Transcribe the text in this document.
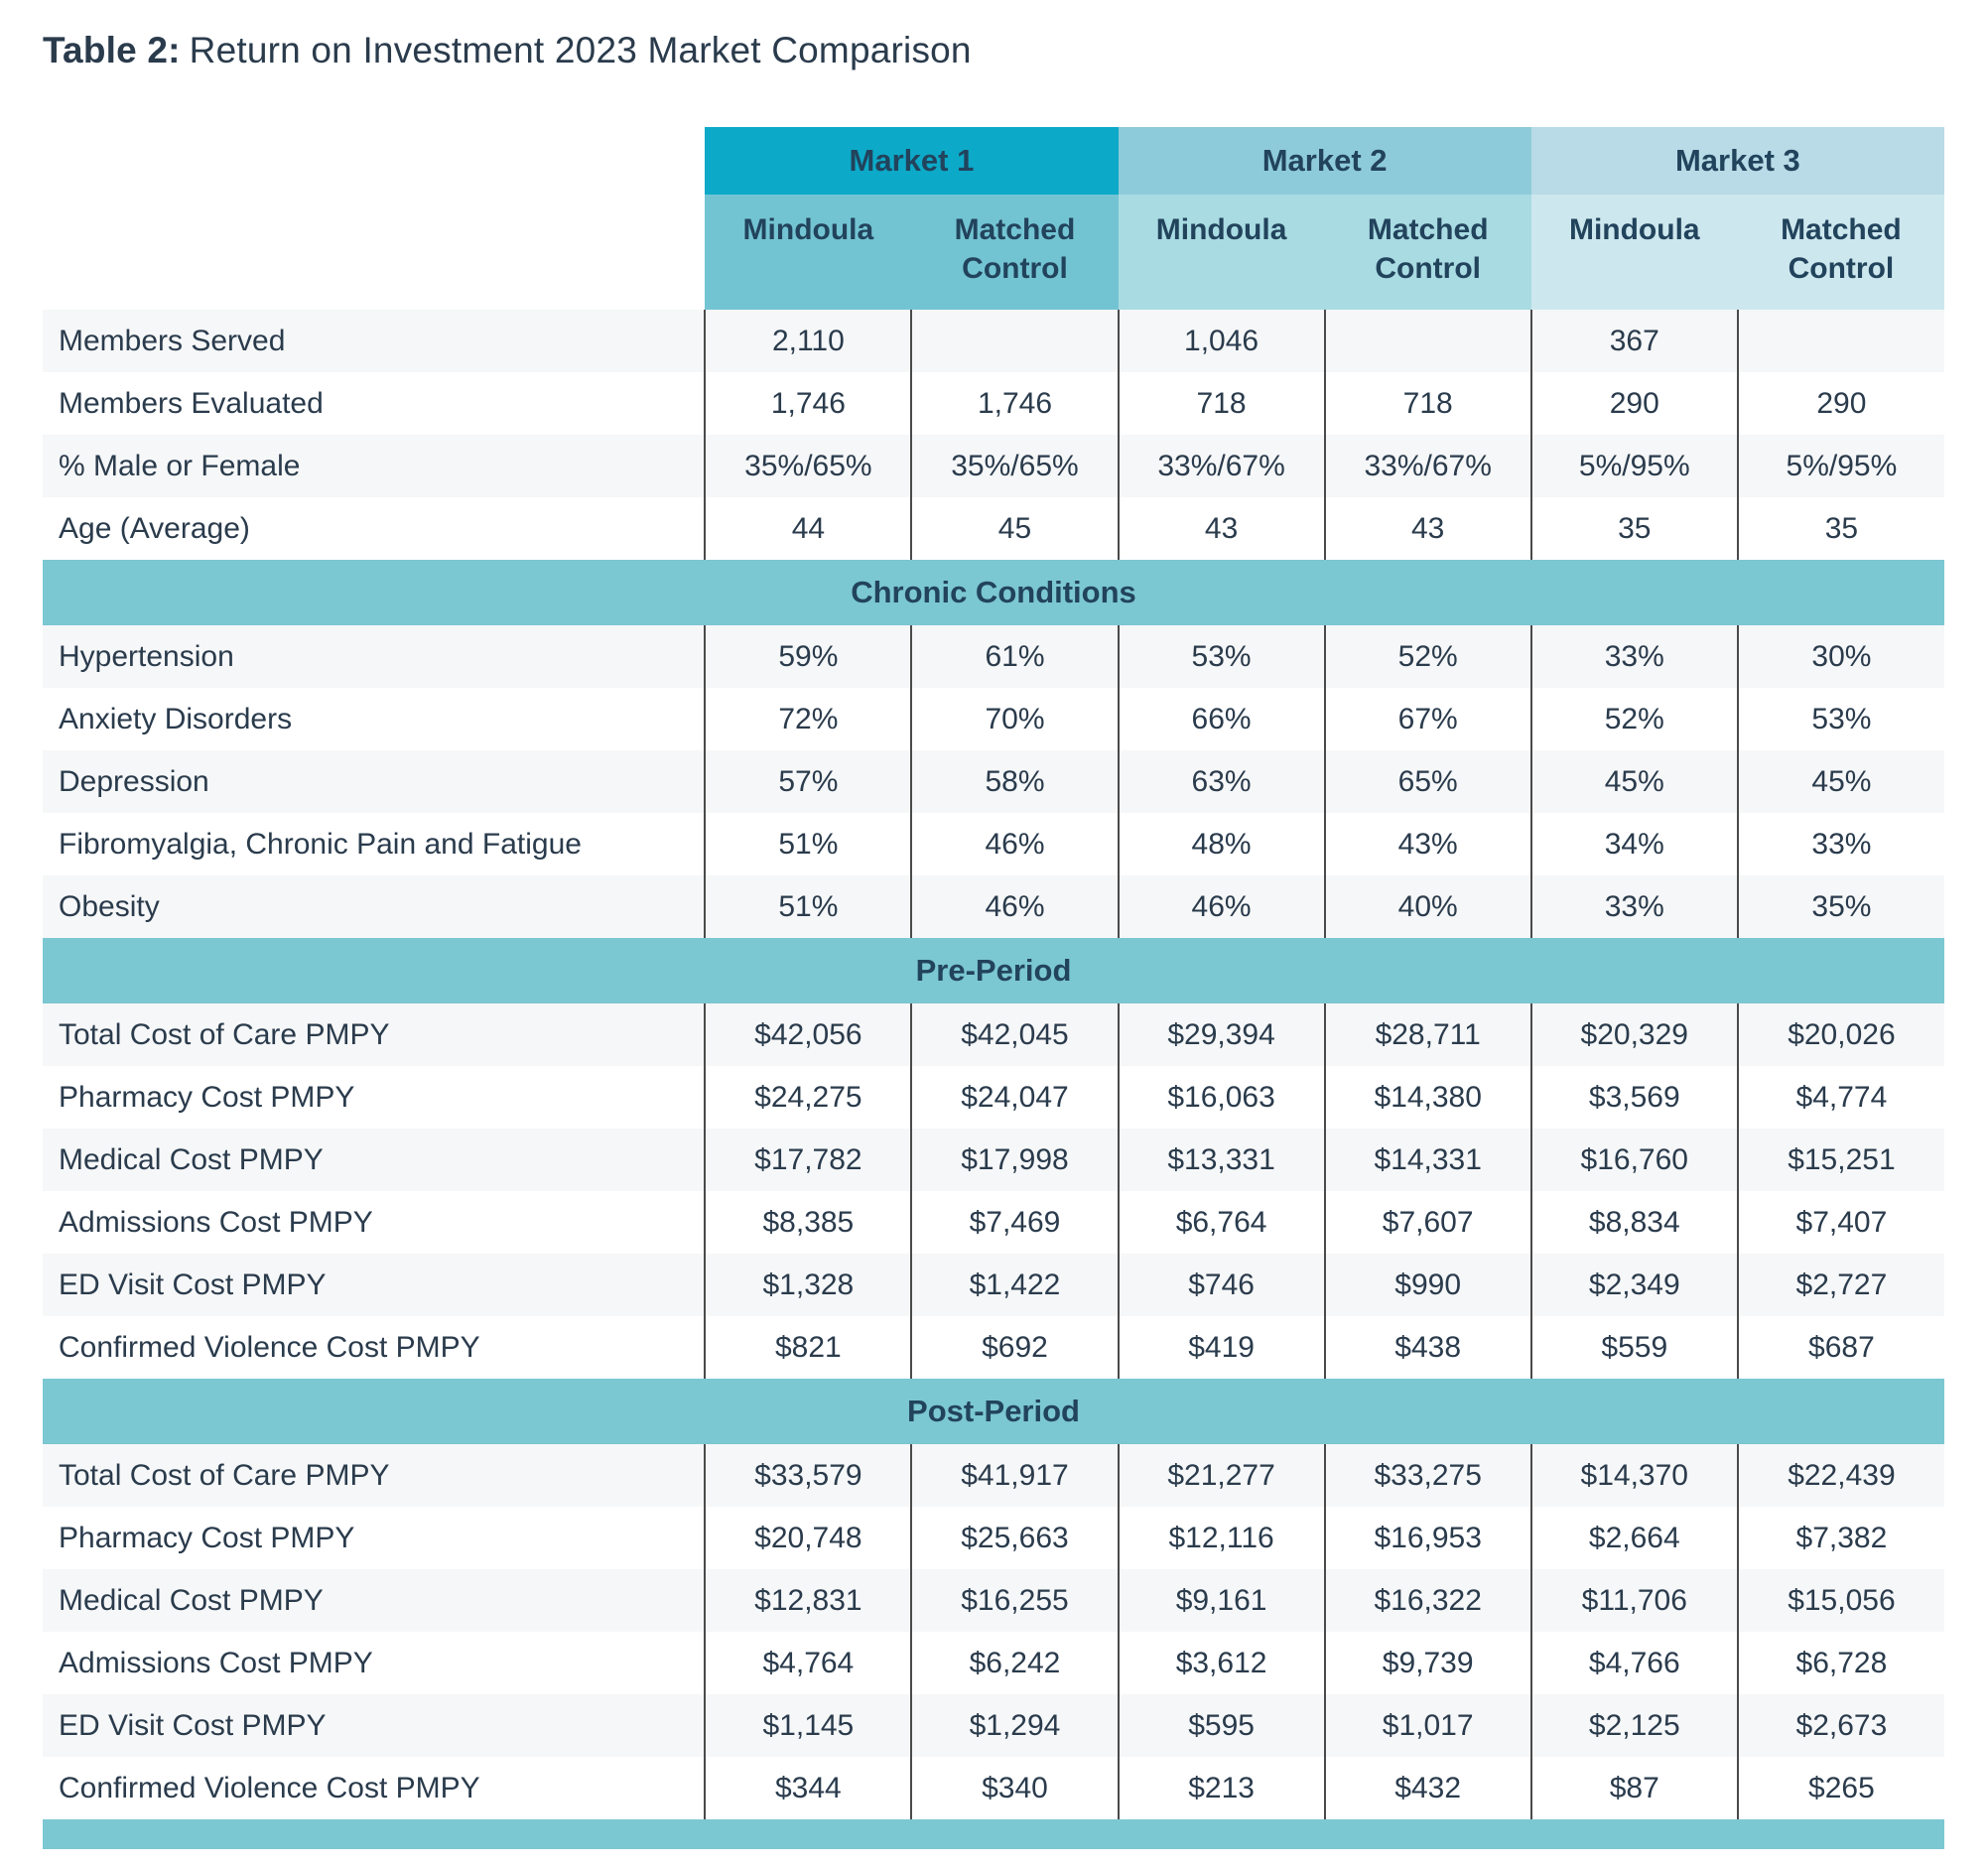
Table 2: Return on Investment 2023 Market Comparison
	Market 1		Market 2		Market 3	
	Mindoula	Matched Control	Mindoula	Matched Control	Mindoula	Matched Control
Members Served	2,110		1,046		367	
Members Evaluated	1,746	1,746	718	718	290	290
% Male or Female	35%/65%	35%/65%	33%/67%	33%/67%	5%/95%	5%/95%
Age (Average)	44	45	43	43	35	35
Chronic Conditions						
Hypertension	59%	61%	53%	52%	33%	30%
Anxiety Disorders	72%	70%	66%	67%	52%	53%
Depression	57%	58%	63%	65%	45%	45%
Fibromyalgia, Chronic Pain and Fatigue	51%	46%	48%	43%	34%	33%
Obesity	51%	46%	46%	40%	33%	35%
Pre-Period						
Total Cost of Care PMPY	$42,056	$42,045	$29,394	$28,711	$20,329	$20,026
Pharmacy Cost PMPY	$24,275	$24,047	$16,063	$14,380	$3,569	$4,774
Medical Cost PMPY	$17,782	$17,998	$13,331	$14,331	$16,760	$15,251
Admissions Cost PMPY	$8,385	$7,469	$6,764	$7,607	$8,834	$7,407
ED Visit Cost PMPY	$1,328	$1,422	$746	$990	$2,349	$2,727
Confirmed Violence Cost PMPY	$821	$692	$419	$438	$559	$687
Post-Period						
Total Cost of Care PMPY	$33,579	$41,917	$21,277	$33,275	$14,370	$22,439
Pharmacy Cost PMPY	$20,748	$25,663	$12,116	$16,953	$2,664	$7,382
Medical Cost PMPY	$12,831	$16,255	$9,161	$16,322	$11,706	$15,056
Admissions Cost PMPY	$4,764	$6,242	$3,612	$9,739	$4,766	$6,728
ED Visit Cost PMPY	$1,145	$1,294	$595	$1,017	$2,125	$2,673
Confirmed Violence Cost PMPY	$344	$340	$213	$432	$87	$265
